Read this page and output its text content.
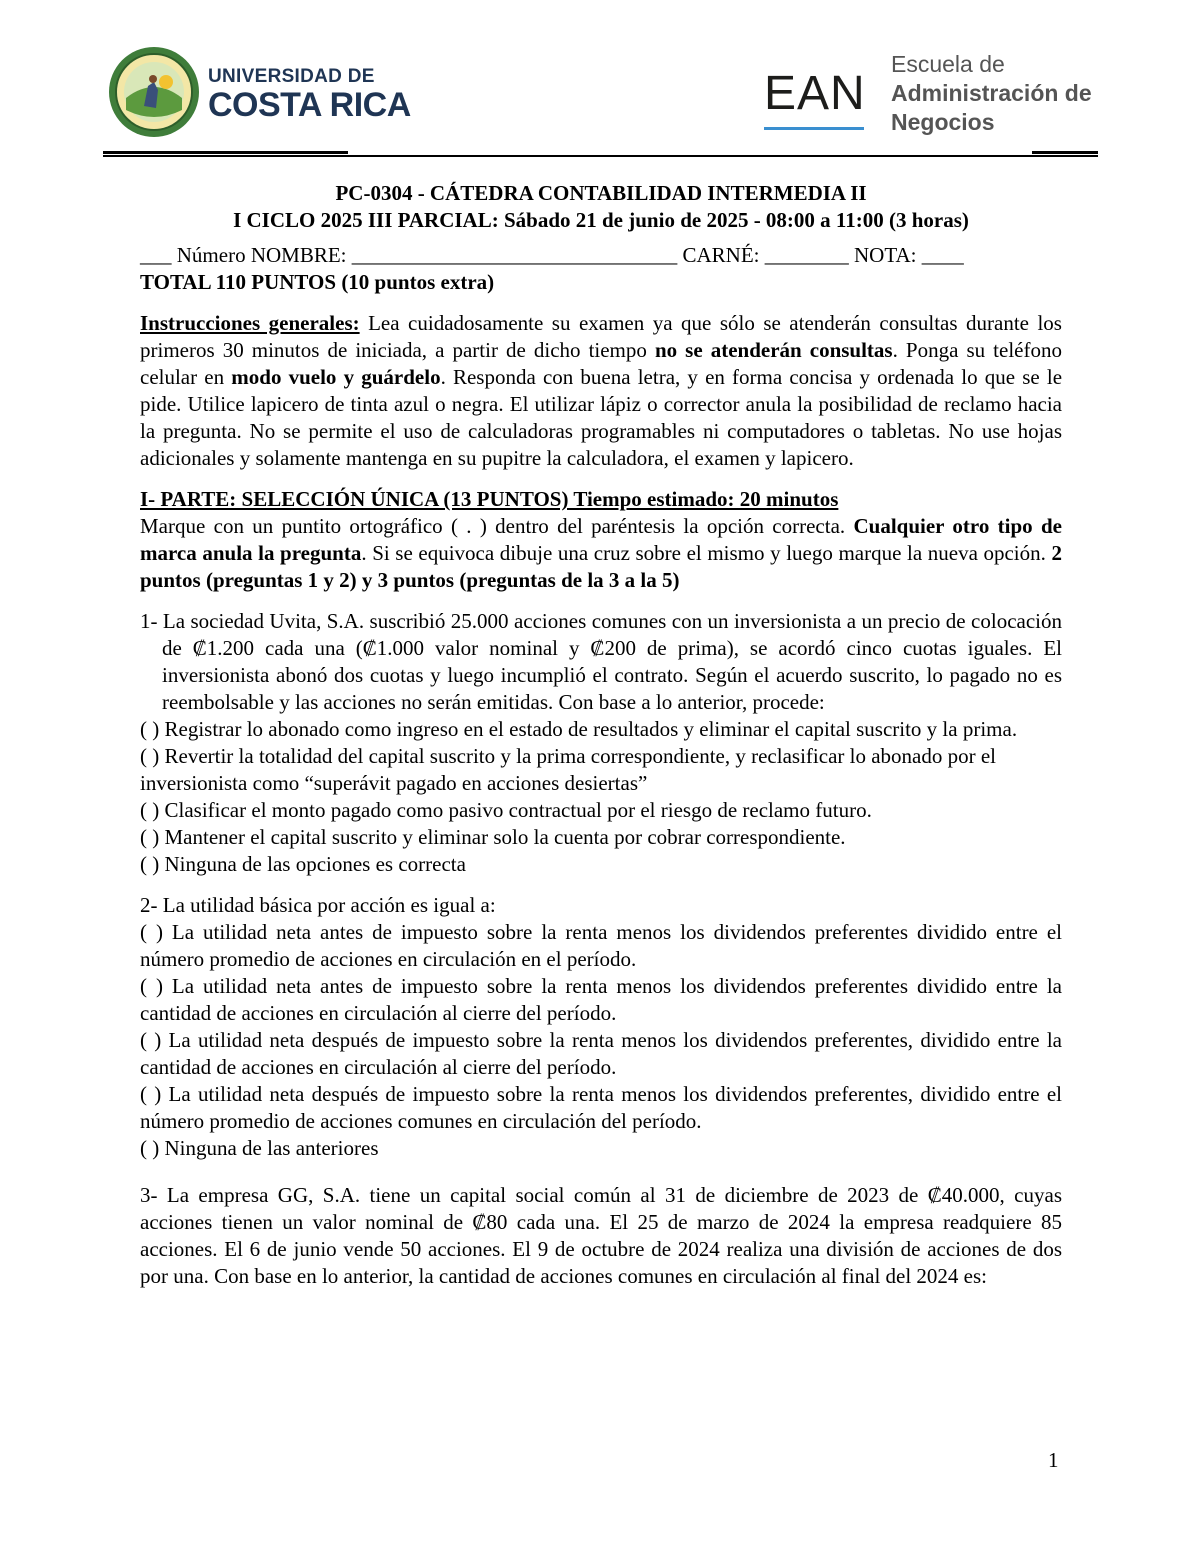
UNIVERSIDAD DE
COSTA RICA	EAN
Escuela de
Administración de
Negocios

PC-0304 - CÁTEDRA CONTABILIDAD INTERMEDIA II

I CICLO 2025 III PARCIAL: Sábado 21 de junio de 2025 - 08:00 a 11:00 (3 horas)

___ Número NOMBRE: _______________________________ CARNÉ: ________ NOTA: ____

TOTAL 110 PUNTOS (10 puntos extra)

Instrucciones generales: Lea cuidadosamente su examen ya que sólo se atenderán consultas durante los primeros 30 minutos de iniciada, a partir de dicho tiempo no se atenderán consultas. Ponga su teléfono celular en modo vuelo y guárdelo. Responda con buena letra, y en forma concisa y ordenada lo que se le pide. Utilice lapicero de tinta azul o negra. El utilizar lápiz o corrector anula la posibilidad de reclamo hacia la pregunta. No se permite el uso de calculadoras programables ni computadores o tabletas. No use hojas adicionales y solamente mantenga en su pupitre la calculadora, el examen y lapicero.

I- PARTE: SELECCIÓN ÚNICA (13 PUNTOS) Tiempo estimado: 20 minutos

Marque con un puntito ortográfico ( . ) dentro del paréntesis la opción correcta. Cualquier otro tipo de marca anula la pregunta. Si se equivoca dibuje una cruz sobre el mismo y luego marque la nueva opción. 2 puntos (preguntas 1 y 2) y 3 puntos (preguntas de la 3 a la 5)

1- La sociedad Uvita, S.A. suscribió 25.000 acciones comunes con un inversionista a un precio de colocación de ₡1.200 cada una (₡1.000 valor nominal y ₡200 de prima), se acordó cinco cuotas iguales. El inversionista abonó dos cuotas y luego incumplió el contrato. Según el acuerdo suscrito, lo pagado no es reembolsable y las acciones no serán emitidas. Con base a lo anterior, procede:

( ) Registrar lo abonado como ingreso en el estado de resultados y eliminar el capital suscrito y la prima.

( ) Revertir la totalidad del capital suscrito y la prima correspondiente, y reclasificar lo abonado por el inversionista como “superávit pagado en acciones desiertas”

( ) Clasificar el monto pagado como pasivo contractual por el riesgo de reclamo futuro.

( ) Mantener el capital suscrito y eliminar solo la cuenta por cobrar correspondiente.

( ) Ninguna de las opciones es correcta

2- La utilidad básica por acción es igual a:

( ) La utilidad neta antes de impuesto sobre la renta menos los dividendos preferentes dividido entre el número promedio de acciones en circulación en el período.

( ) La utilidad neta antes de impuesto sobre la renta menos los dividendos preferentes dividido entre la cantidad de acciones en circulación al cierre del período.

( ) La utilidad neta después de impuesto sobre la renta menos los dividendos preferentes, dividido entre la cantidad de acciones en circulación al cierre del período.

( ) La utilidad neta después de impuesto sobre la renta menos los dividendos preferentes, dividido entre el número promedio de acciones comunes en circulación del período.

( ) Ninguna de las anteriores

3- La empresa GG, S.A. tiene un capital social común al 31 de diciembre de 2023 de ₡40.000, cuyas acciones tienen un valor nominal de ₡80 cada una. El 25 de marzo de 2024 la empresa readquiere 85 acciones. El 6 de junio vende 50 acciones. El 9 de octubre de 2024 realiza una división de acciones de dos por una. Con base en lo anterior, la cantidad de acciones comunes en circulación al final del 2024 es:

1
